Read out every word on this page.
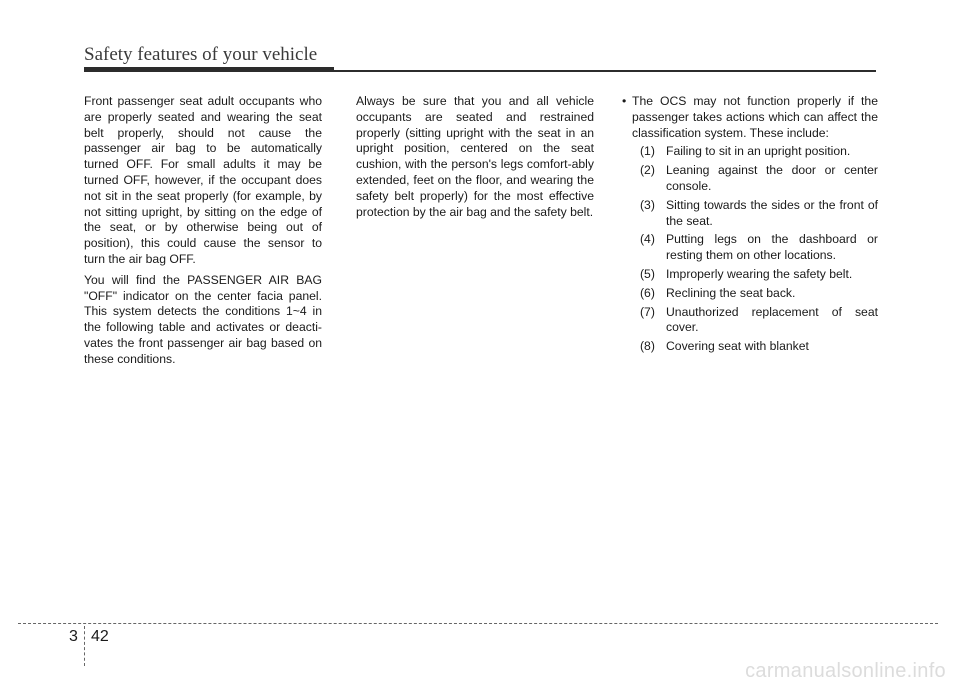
Safety features of your vehicle

Front passenger seat adult occupants who are properly seated and wearing the seat belt properly, should not cause the passenger air bag to be automatically turned OFF. For small adults it may be turned OFF, however, if the occupant does not sit in the seat properly (for example, by not sitting upright, by sitting on the edge of the seat, or by otherwise being out of position), this could cause the sensor to turn the air bag OFF.

You will find the PASSENGER AIR BAG "OFF" indicator on the center facia panel. This system detects the conditions 1~4 in the following table and activates or deacti-vates the front passenger air bag based on these conditions.

Always be sure that you and all vehicle occupants are seated and restrained properly (sitting upright with the seat in an upright position, centered on the seat cushion, with the person's legs comfort-ably extended, feet on the floor, and wearing the safety belt properly) for the most effective protection by the air bag and the safety belt.

• The OCS may not function properly if the passenger takes actions which can affect the classification system. These include:
(1) Failing to sit in an upright position.
(2) Leaning against the door or center console.
(3) Sitting towards the sides or the front of the seat.
(4) Putting legs on the dashboard or resting them on other locations.
(5) Improperly wearing the safety belt.
(6) Reclining the seat back.
(7) Unauthorized replacement of seat cover.
(8) Covering seat with blanket
3 42
carmanualsonline.info
